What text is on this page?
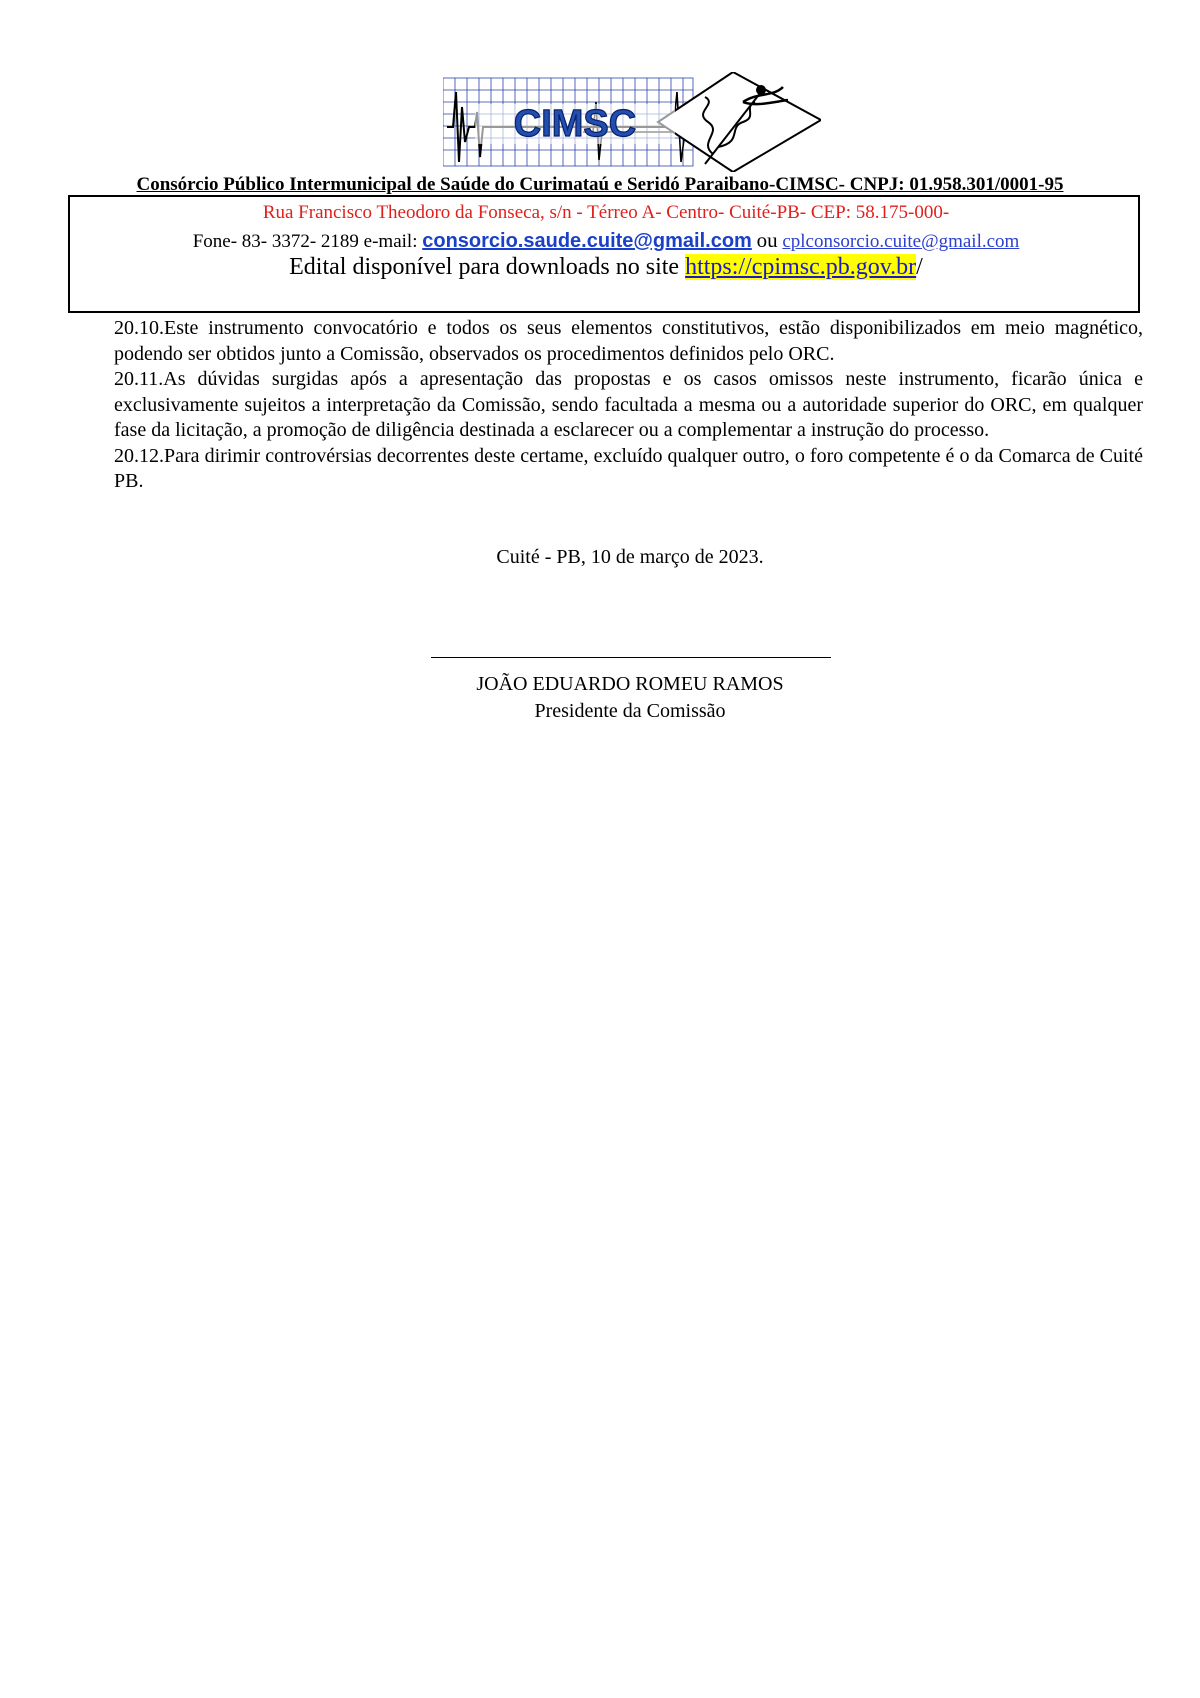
CIMSC
Consórcio Público Intermunicipal de Saúde do Curimataú e Seridó Paraibano-CIMSC- CNPJ: 01.958.301/0001-95
Rua Francisco Theodoro da Fonseca, s/n - Térreo A- Centro- Cuité-PB- CEP: 58.175-000-
Fone- 83- 3372- 2189 e-mail: consorcio.saude.cuite@gmail.com ou cplconsorcio.cuite@gmail.com
Edital disponível para downloads no site https://cpimsc.pb.gov.br/

20.10.Este instrumento convocatório e todos os seus elementos constitutivos, estão disponibilizados em meio magnético, podendo ser obtidos junto a Comissão, observados os procedimentos definidos pelo ORC.

20.11.As dúvidas surgidas após a apresentação das propostas e os casos omissos neste instrumento, ficarão única e exclusivamente sujeitos a interpretação da Comissão, sendo facultada a mesma ou a autoridade superior do ORC, em qualquer fase da licitação, a promoção de diligência destinada a esclarecer ou a complementar a instrução do processo.

20.12.Para dirimir controvérsias decorrentes deste certame, excluído qualquer outro, o foro competente é o da Comarca de Cuité PB.

Cuité - PB, 10 de março de 2023.
JOÃO EDUARDO ROMEU RAMOS
Presidente da Comissão
